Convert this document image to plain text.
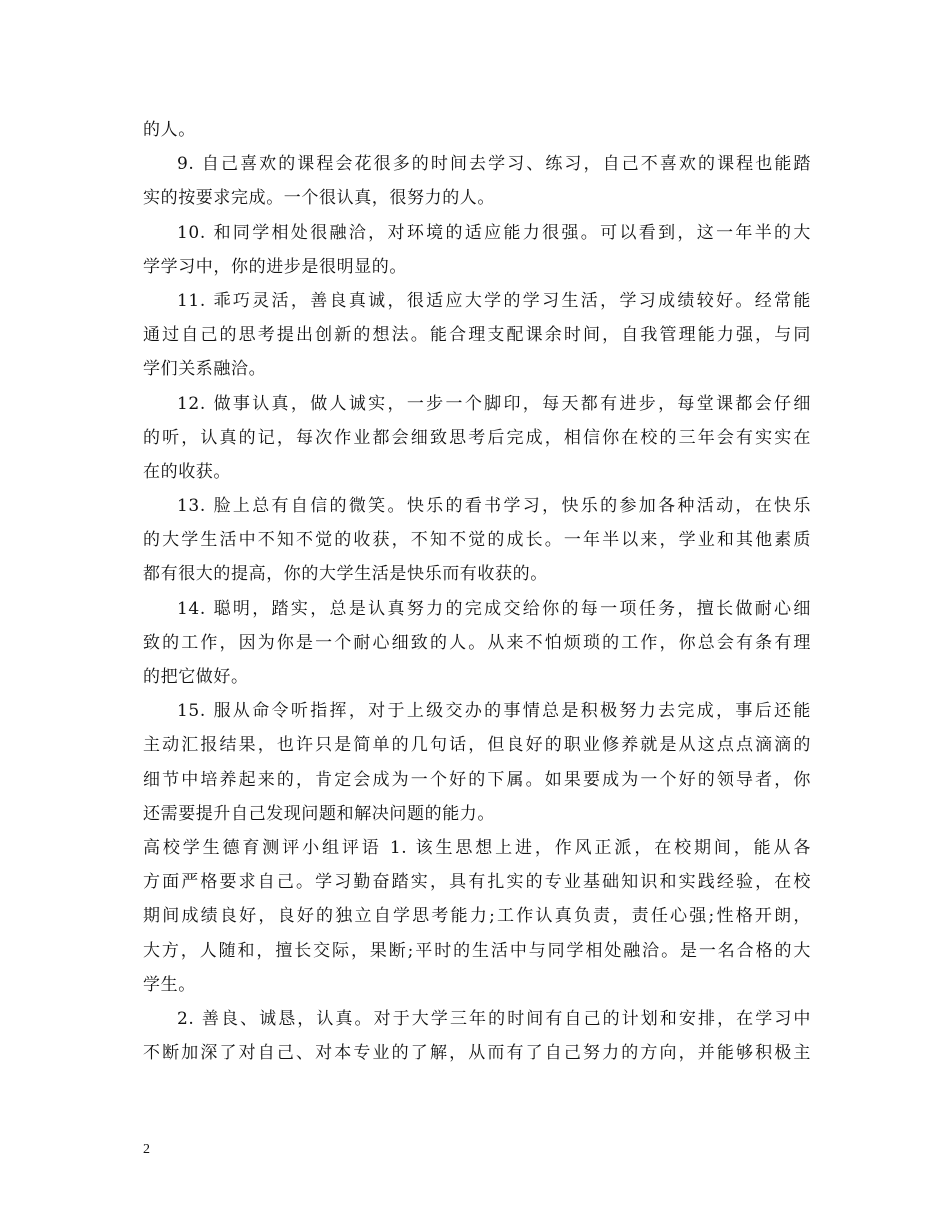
的人。
9. 自己喜欢的课程会花很多的时间去学习、练习，自己不喜欢的课程也能踏
实的按要求完成。一个很认真，很努力的人。
10. 和同学相处很融洽，对环境的适应能力很强。可以看到，这一年半的大
学学习中，你的进步是很明显的。
11. 乖巧灵活，善良真诚，很适应大学的学习生活，学习成绩较好。经常能
通过自己的思考提出创新的想法。能合理支配课余时间，自我管理能力强，与同
学们关系融洽。
12. 做事认真，做人诚实，一步一个脚印，每天都有进步，每堂课都会仔细
的听，认真的记，每次作业都会细致思考后完成，相信你在校的三年会有实实在
在的收获。
13. 脸上总有自信的微笑。快乐的看书学习，快乐的参加各种活动，在快乐
的大学生活中不知不觉的收获，不知不觉的成长。一年半以来，学业和其他素质
都有很大的提高，你的大学生活是快乐而有收获的。
14. 聪明，踏实，总是认真努力的完成交给你的每一项任务，擅长做耐心细
致的工作，因为你是一个耐心细致的人。从来不怕烦琐的工作，你总会有条有理
的把它做好。
15. 服从命令听指挥，对于上级交办的事情总是积极努力去完成，事后还能
主动汇报结果，也许只是简单的几句话，但良好的职业修养就是从这点点滴滴的
细节中培养起来的，肯定会成为一个好的下属。如果要成为一个好的领导者，你
还需要提升自己发现问题和解决问题的能力。
高校学生德育测评小组评语 1. 该生思想上进，作风正派，在校期间，能从各
方面严格要求自己。学习勤奋踏实，具有扎实的专业基础知识和实践经验，在校
期间成绩良好，良好的独立自学思考能力;工作认真负责，责任心强;性格开朗，
大方，人随和，擅长交际，果断;平时的生活中与同学相处融洽。是一名合格的大
学生。
2. 善良、诚恳，认真。对于大学三年的时间有自己的计划和安排，在学习中
不断加深了对自己、对本专业的了解，从而有了自己努力的方向，并能够积极主
2
